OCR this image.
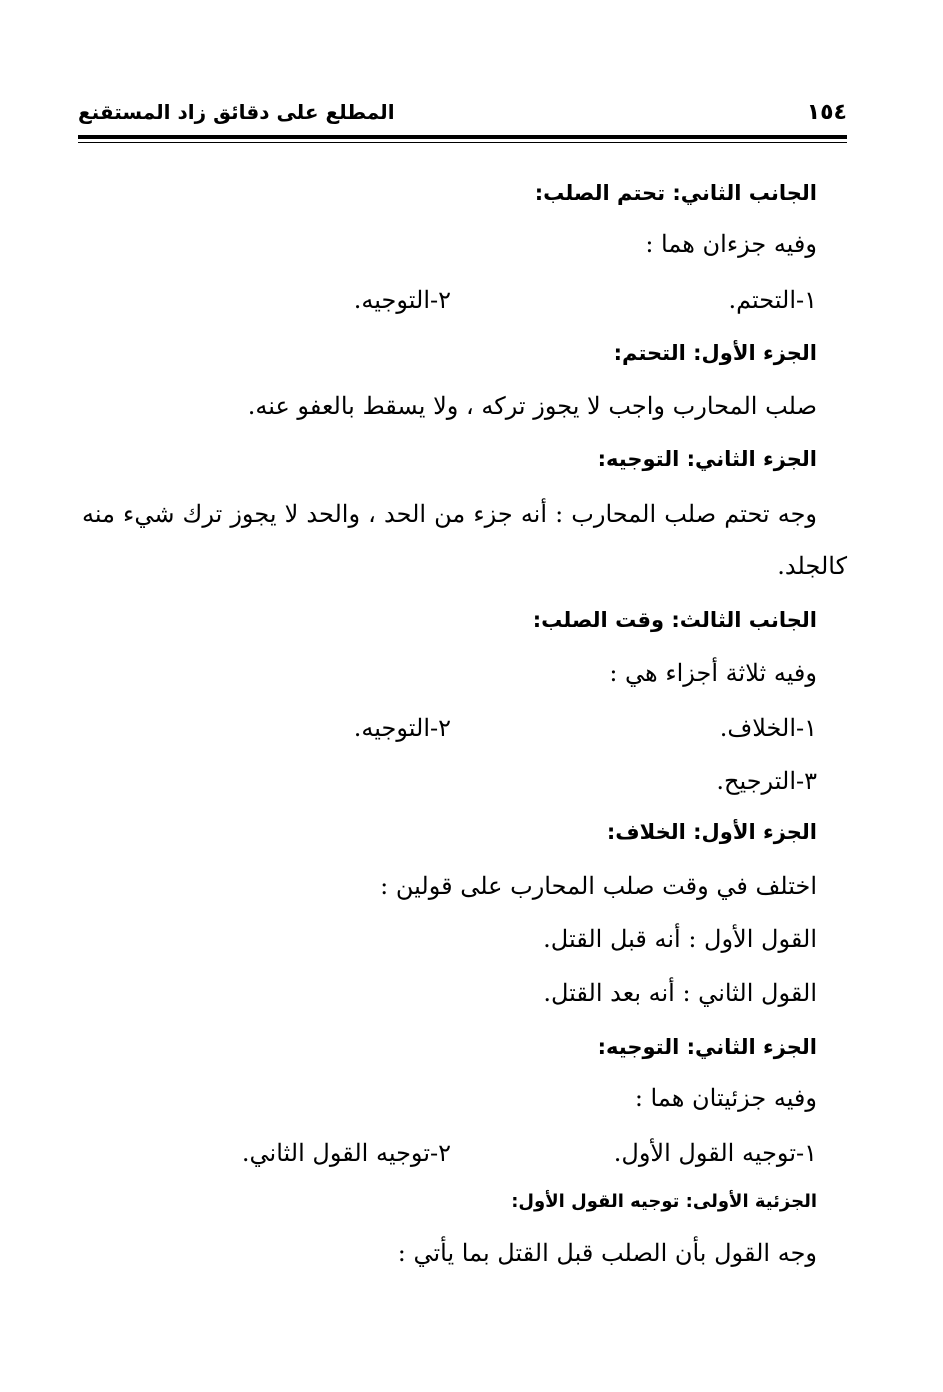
١٥٤
المطلع على دقائق زاد المستقنع
الجانب الثاني: تحتم الصلب:
وفيه جزءان هما :
١-التحتم.
٢-التوجيه.
الجزء الأول: التحتم:
صلب المحارب واجب لا يجوز تركه ، ولا يسقط بالعفو عنه.
الجزء الثاني: التوجيه:
وجه تحتم صلب المحارب : أنه جزء من الحد ، والحد لا يجوز ترك شيء منه
كالجلد.
الجانب الثالث: وقت الصلب:
وفيه ثلاثة أجزاء هي :
١-الخلاف.
٢-التوجيه.
٣-الترجيح.
الجزء الأول: الخلاف:
اختلف في وقت صلب المحارب على قولين :
القول الأول : أنه قبل القتل.
القول الثاني : أنه بعد القتل.
الجزء الثاني: التوجيه:
وفيه جزئيتان هما :
١-توجيه القول الأول.
٢-توجيه القول الثاني.
الجزئية الأولى: توجيه القول الأول:
وجه القول بأن الصلب قبل القتل بما يأتي :
